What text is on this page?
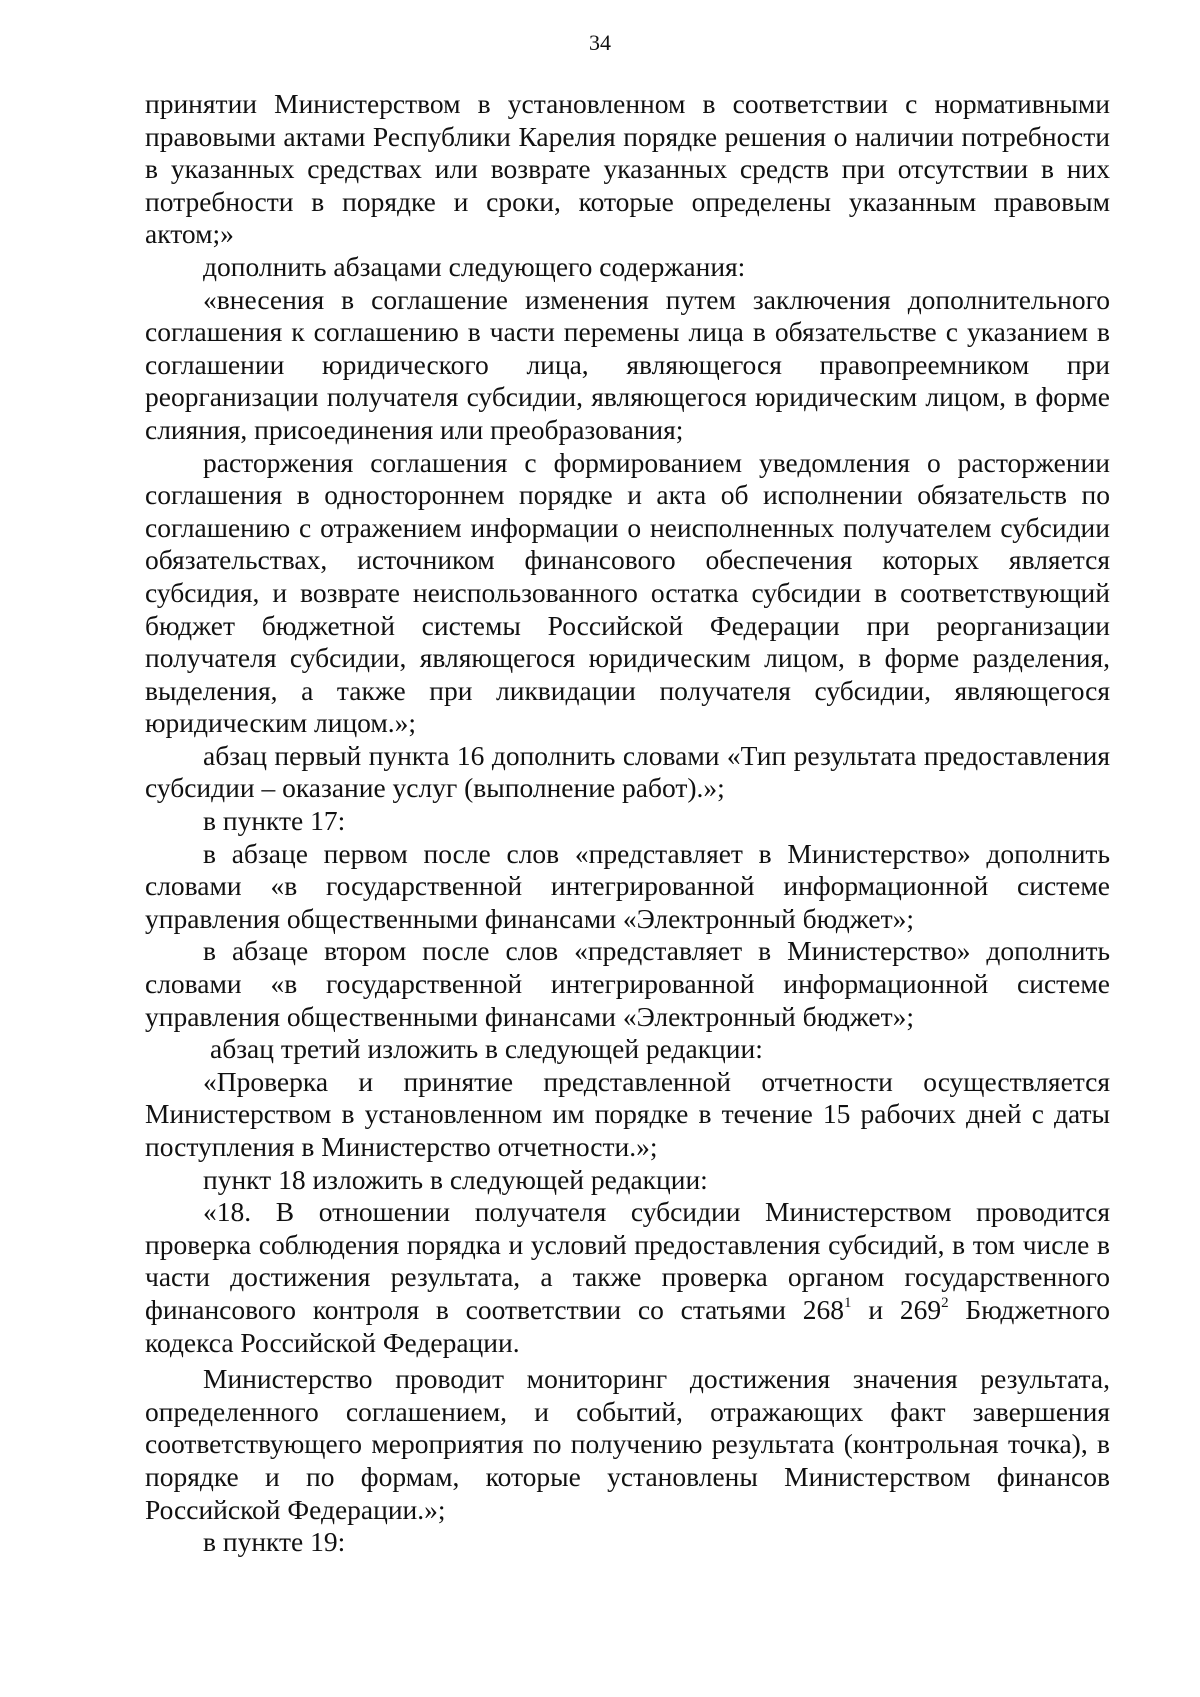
34

принятии Министерством в установленном в соответствии с нормативными правовыми актами Республики Карелия порядке решения о наличии потребности в указанных средствах или возврате указанных средств при отсутствии в них потребности в порядке и сроки, которые определены указанным правовым актом;»

дополнить абзацами следующего содержания:

«внесения в соглашение изменения путем заключения дополнительного соглашения к соглашению в части перемены лица в обязательстве с указанием в соглашении юридического лица, являющегося правопреемником при реорганизации получателя субсидии, являющегося юридическим лицом, в форме слияния, присоединения или преобразования;

расторжения соглашения с формированием уведомления о расторжении соглашения в одностороннем порядке и акта об исполнении обязательств по соглашению с отражением информации о неисполненных получателем субсидии обязательствах, источником финансового обеспечения которых является субсидия, и возврате неиспользованного остатка субсидии в соответствующий бюджет бюджетной системы Российской Федерации при реорганизации получателя субсидии, являющегося юридическим лицом, в форме разделения, выделения, а также при ликвидации получателя субсидии, являющегося юридическим лицом.»;

абзац первый пункта 16 дополнить словами «Тип результата предоставления субсидии – оказание услуг (выполнение работ).»;

в пункте 17:

в абзаце первом после слов «представляет в Министерство» дополнить словами «в государственной интегрированной информационной системе управления общественными финансами «Электронный бюджет»;

в абзаце втором после слов «представляет в Министерство» дополнить словами «в государственной интегрированной информационной системе управления общественными финансами «Электронный бюджет»;

абзац третий изложить в следующей редакции:

«Проверка и принятие представленной отчетности осуществляется Министерством в установленном им порядке в течение 15 рабочих дней с даты поступления в Министерство отчетности.»;

пункт 18 изложить в следующей редакции:

«18. В отношении получателя субсидии Министерством проводится проверка соблюдения порядка и условий предоставления субсидий, в том числе в части достижения результата, а также проверка органом государственного финансового контроля в соответствии со статьями $268^1$ и $269^2$ Бюджетного кодекса Российской Федерации.

Министерство проводит мониторинг достижения значения результата, определенного соглашением, и событий, отражающих факт завершения соответствующего мероприятия по получению результата (контрольная точка), в порядке и по формам, которые установлены Министерством финансов Российской Федерации.»;

в пункте 19:
